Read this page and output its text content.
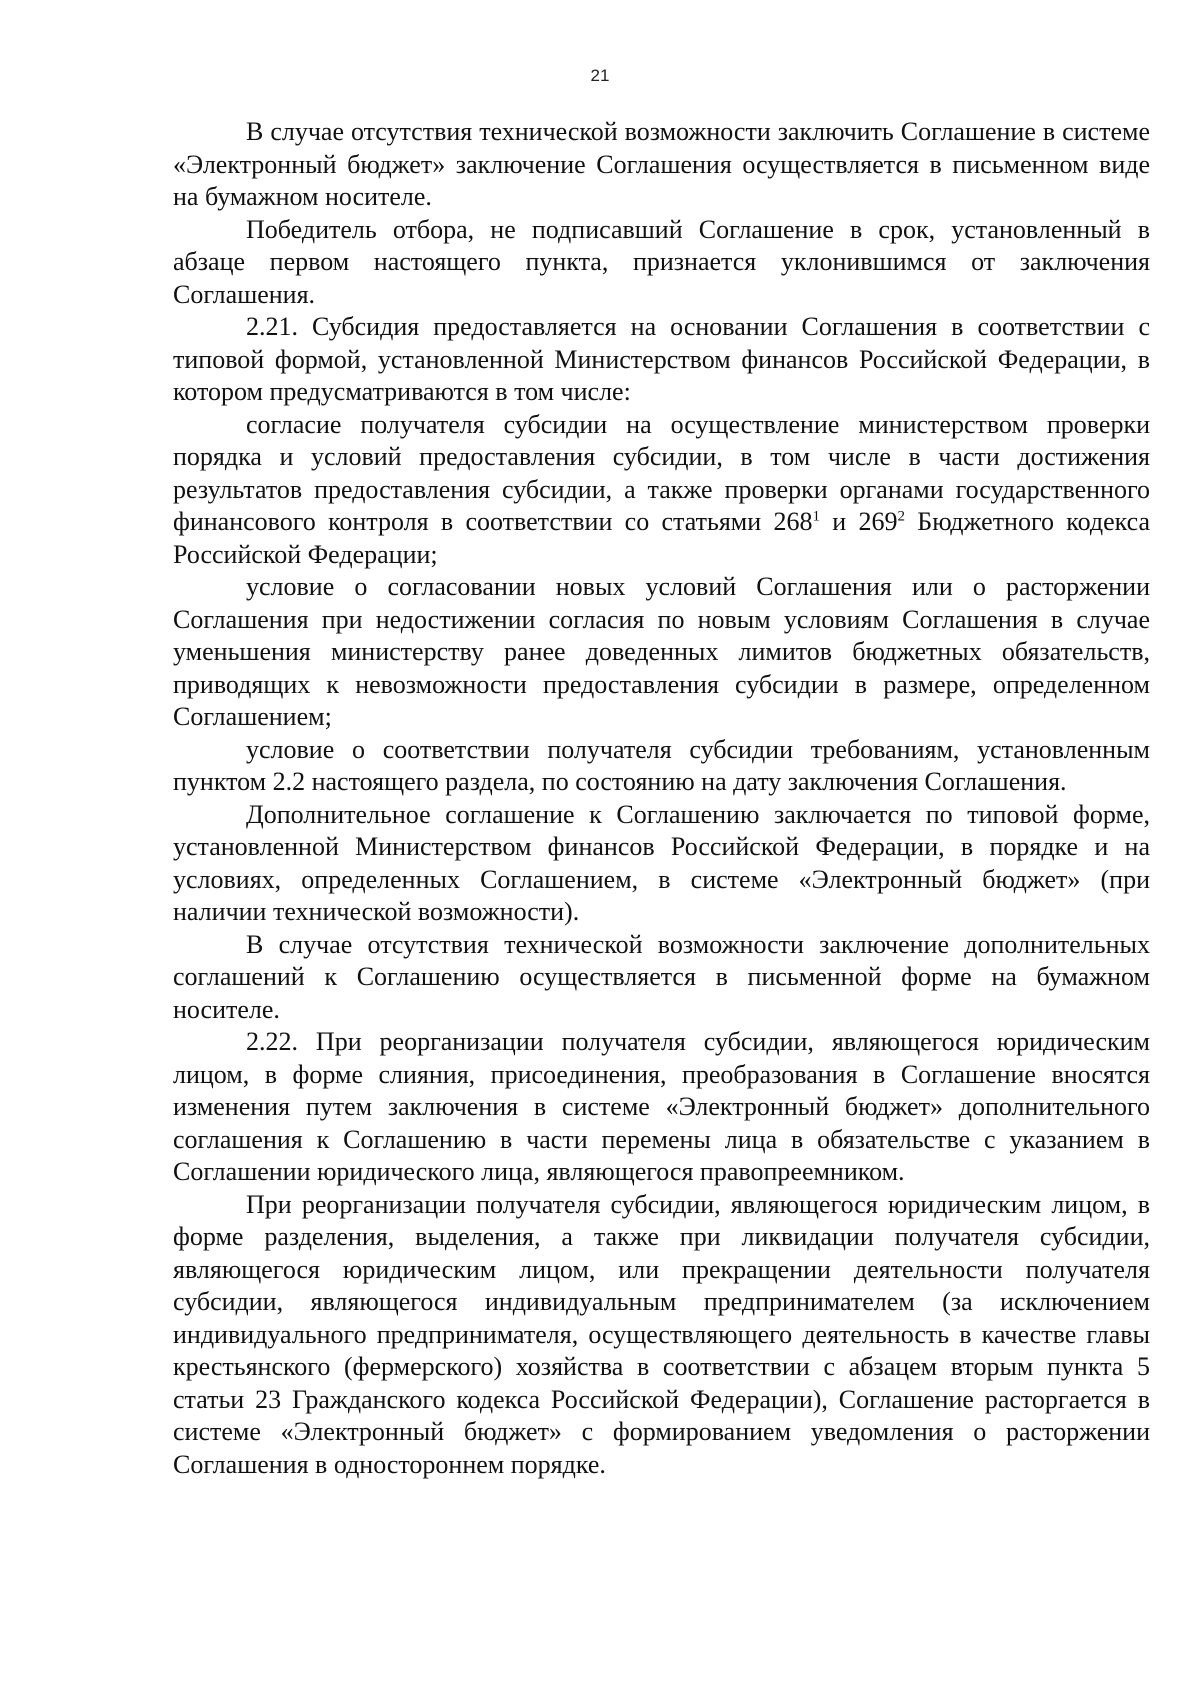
21

В случае отсутствия технической возможности заключить Соглашение в системе «Электронный бюджет» заключение Соглашения осуществляется в письменном виде на бумажном носителе.

Победитель отбора, не подписавший Соглашение в срок, установленный в абзаце первом настоящего пункта, признается уклонившимся от заключения Соглашения.

2.21. Субсидия предоставляется на основании Соглашения в соответствии с типовой формой, установленной Министерством финансов Российской Федерации, в котором предусматриваются в том числе:

согласие получателя субсидии на осуществление министерством проверки порядка и условий предоставления субсидии, в том числе в части достижения результатов предоставления субсидии, а также проверки органами государственного финансового контроля в соответствии со статьями $268^1$ и $269^2$ Бюджетного кодекса Российской Федерации;

условие о согласовании новых условий Соглашения или о расторжении Соглашения при недостижении согласия по новым условиям Соглашения в случае уменьшения министерству ранее доведенных лимитов бюджетных обязательств, приводящих к невозможности предоставления субсидии в размере, определенном Соглашением;

условие о соответствии получателя субсидии требованиям, установленным пунктом 2.2 настоящего раздела, по состоянию на дату заключения Соглашения.

Дополнительное соглашение к Соглашению заключается по типовой форме, установленной Министерством финансов Российской Федерации, в порядке и на условиях, определенных Соглашением, в системе «Электронный бюджет» (при наличии технической возможности).

В случае отсутствия технической возможности заключение дополнительных соглашений к Соглашению осуществляется в письменной форме на бумажном носителе.

2.22. При реорганизации получателя субсидии, являющегося юридическим лицом, в форме слияния, присоединения, преобразования в Соглашение вносятся изменения путем заключения в системе «Электронный бюджет» дополнительного соглашения к Соглашению в части перемены лица в обязательстве с указанием в Соглашении юридического лица, являющегося правопреемником.

При реорганизации получателя субсидии, являющегося юридическим лицом, в форме разделения, выделения, а также при ликвидации получателя субсидии, являющегося юридическим лицом, или прекращении деятельности получателя субсидии, являющегося индивидуальным предпринимателем (за исключением индивидуального предпринимателя, осуществляющего деятельность в качестве главы крестьянского (фермерского) хозяйства в соответствии с абзацем вторым пункта 5 статьи 23 Гражданского кодекса Российской Федерации), Соглашение расторгается в системе «Электронный бюджет» с формированием уведомления о расторжении Соглашения в одностороннем порядке.
